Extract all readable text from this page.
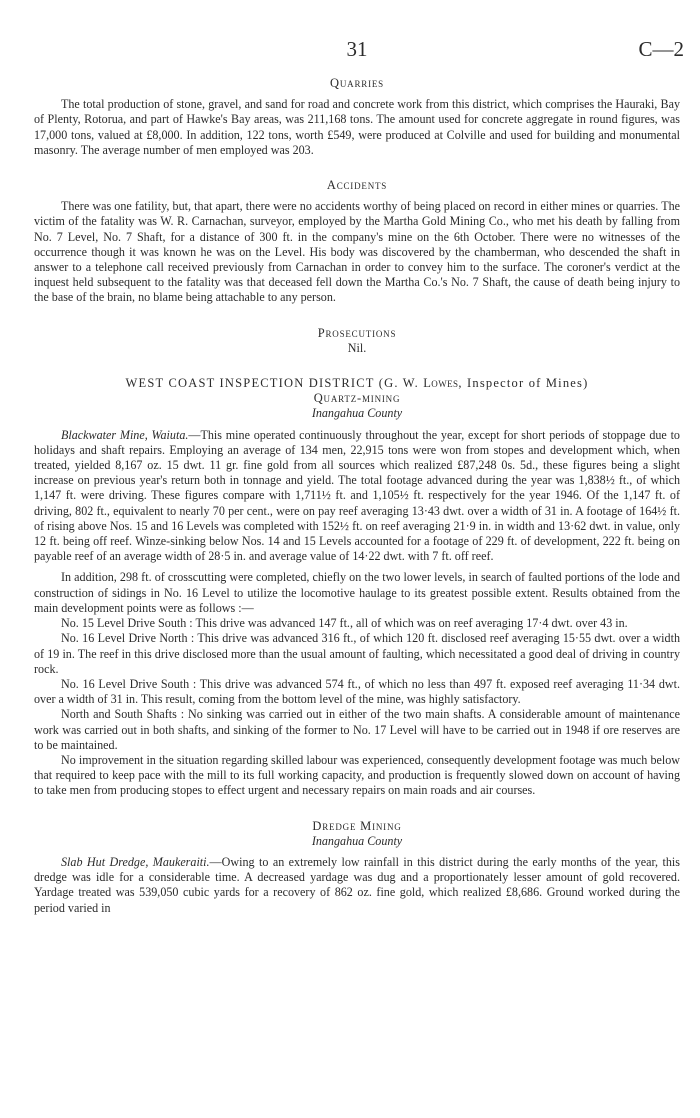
31	C—2

Quarries

The total production of stone, gravel, and sand for road and concrete work from this district, which comprises the Hauraki, Bay of Plenty, Rotorua, and part of Hawke's Bay areas, was 211,168 tons. The amount used for concrete aggregate in round figures, was 17,000 tons, valued at £8,000. In addition, 122 tons, worth £549, were produced at Colville and used for building and monumental masonry. The average number of men employed was 203.

Accidents

There was one fatility, but, that apart, there were no accidents worthy of being placed on record in either mines or quarries. The victim of the fatality was W. R. Carnachan, surveyor, employed by the Martha Gold Mining Co., who met his death by falling from No. 7 Level, No. 7 Shaft, for a distance of 300 ft. in the company's mine on the 6th October. There were no witnesses of the occurrence though it was known he was on the Level. His body was discovered by the chamberman, who descended the shaft in answer to a telephone call received previously from Carnachan in order to convey him to the surface. The coroner's verdict at the inquest held subsequent to the fatality was that deceased fell down the Martha Co.'s No. 7 Shaft, the cause of death being injury to the base of the brain, no blame being attachable to any person.

Prosecutions

Nil.

WEST COAST INSPECTION DISTRICT (G. W. Lowes, Inspector of Mines)

Quartz-mining

Inangahua County

Blackwater Mine, Waiuta.—This mine operated continuously throughout the year, except for short periods of stoppage due to holidays and shaft repairs. Employing an average of 134 men, 22,915 tons were won from stopes and development which, when treated, yielded 8,167 oz. 15 dwt. 11 gr. fine gold from all sources which realized £87,248 0s. 5d., these figures being a slight increase on previous year's return both in tonnage and yield. The total footage advanced during the year was 1,838½ ft., of which 1,147 ft. were driving. These figures compare with 1,711½ ft. and 1,105½ ft. respectively for the year 1946. Of the 1,147 ft. of driving, 802 ft., equivalent to nearly 70 per cent., were on pay reef averaging 13·43 dwt. over a width of 31 in. A footage of 164½ ft. of rising above Nos. 15 and 16 Levels was completed with 152½ ft. on reef averaging 21·9 in. in width and 13·62 dwt. in value, only 12 ft. being off reef. Winze-sinking below Nos. 14 and 15 Levels accounted for a footage of 229 ft. of development, 222 ft. being on payable reef of an average width of 28·5 in. and average value of 14·22 dwt. with 7 ft. off reef.

In addition, 298 ft. of crosscutting were completed, chiefly on the two lower levels, in search of faulted portions of the lode and construction of sidings in No. 16 Level to utilize the locomotive haulage to its greatest possible extent. Results obtained from the main development points were as follows :—

No. 15 Level Drive South : This drive was advanced 147 ft., all of which was on reef averaging 17·4 dwt. over 43 in.

No. 16 Level Drive North : This drive was advanced 316 ft., of which 120 ft. disclosed reef averaging 15·55 dwt. over a width of 19 in. The reef in this drive disclosed more than the usual amount of faulting, which necessitated a good deal of driving in country rock.

No. 16 Level Drive South : This drive was advanced 574 ft., of which no less than 497 ft. exposed reef averaging 11·34 dwt. over a width of 31 in. This result, coming from the bottom level of the mine, was highly satisfactory.

North and South Shafts : No sinking was carried out in either of the two main shafts. A considerable amount of maintenance work was carried out in both shafts, and sinking of the former to No. 17 Level will have to be carried out in 1948 if ore reserves are to be maintained.

No improvement in the situation regarding skilled labour was experienced, consequently development footage was much below that required to keep pace with the mill to its full working capacity, and production is frequently slowed down on account of having to take men from producing stopes to effect urgent and necessary repairs on main roads and air courses.

Dredge Mining

Inangahua County

Slab Hut Dredge, Maukeraiti.—Owing to an extremely low rainfall in this district during the early months of the year, this dredge was idle for a considerable time. A decreased yardage was dug and a proportionately lesser amount of gold recovered. Yardage treated was 539,050 cubic yards for a recovery of 862 oz. fine gold, which realized £8,686. Ground worked during the period varied in
